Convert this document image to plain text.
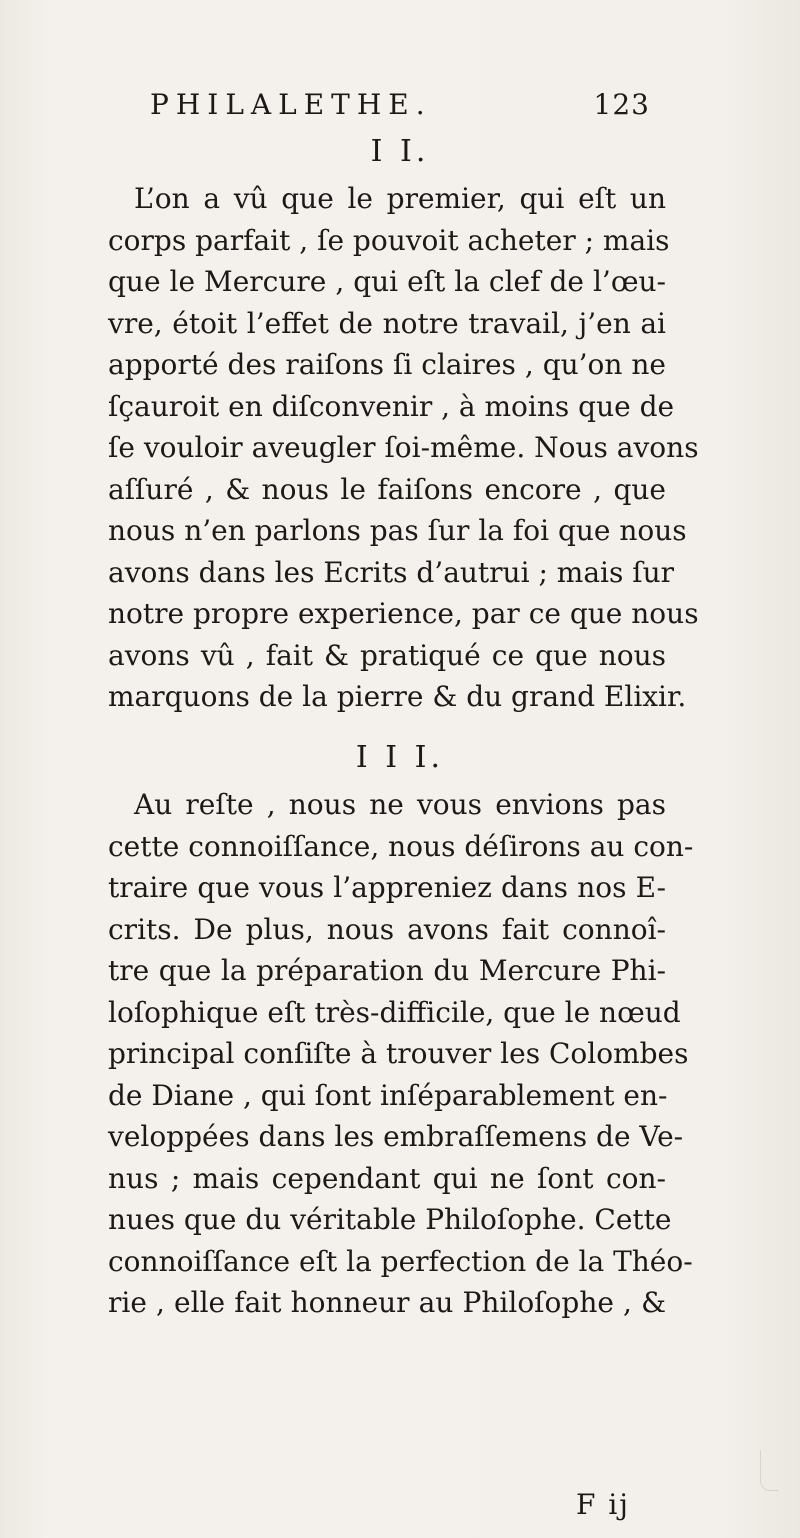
PHILALETHE.	123
I I.
L’on a vû que le premier, qui eſt un
corps parfait , ſe pouvoit acheter ; mais
que le Mercure , qui eſt la clef de l’œu-
vre, étoit l’effet de notre travail, j’en ai
apporté des raiſons ſi claires , qu’on ne
ſçauroit en diſconvenir , à moins que de
ſe vouloir aveugler ſoi-même. Nous avons
aſſuré , & nous le faiſons encore , que
nous n’en parlons pas ſur la foi que nous
avons dans les Ecrits d’autrui ; mais ſur
notre propre experience, par ce que nous
avons vû , fait & pratiqué ce que nous
marquons de la pierre & du grand Elixir.
I I I.
Au reſte , nous ne vous envions pas
cette connoiſſance, nous déſirons au con-
traire que vous l’appreniez dans nos E-
crits. De plus, nous avons fait connoî-
tre que la préparation du Mercure Phi-
loſophique eſt très-difficile, que le nœud
principal conſiſte à trouver les Colombes
de Diane , qui ſont inſéparablement en-
veloppées dans les embraſſemens de Ve-
nus ; mais cependant qui ne ſont con-
nues que du véritable Philoſophe. Cette
connoiſſance eſt la perfection de la Théo-
rie , elle fait honneur au Philoſophe , &
F ij
